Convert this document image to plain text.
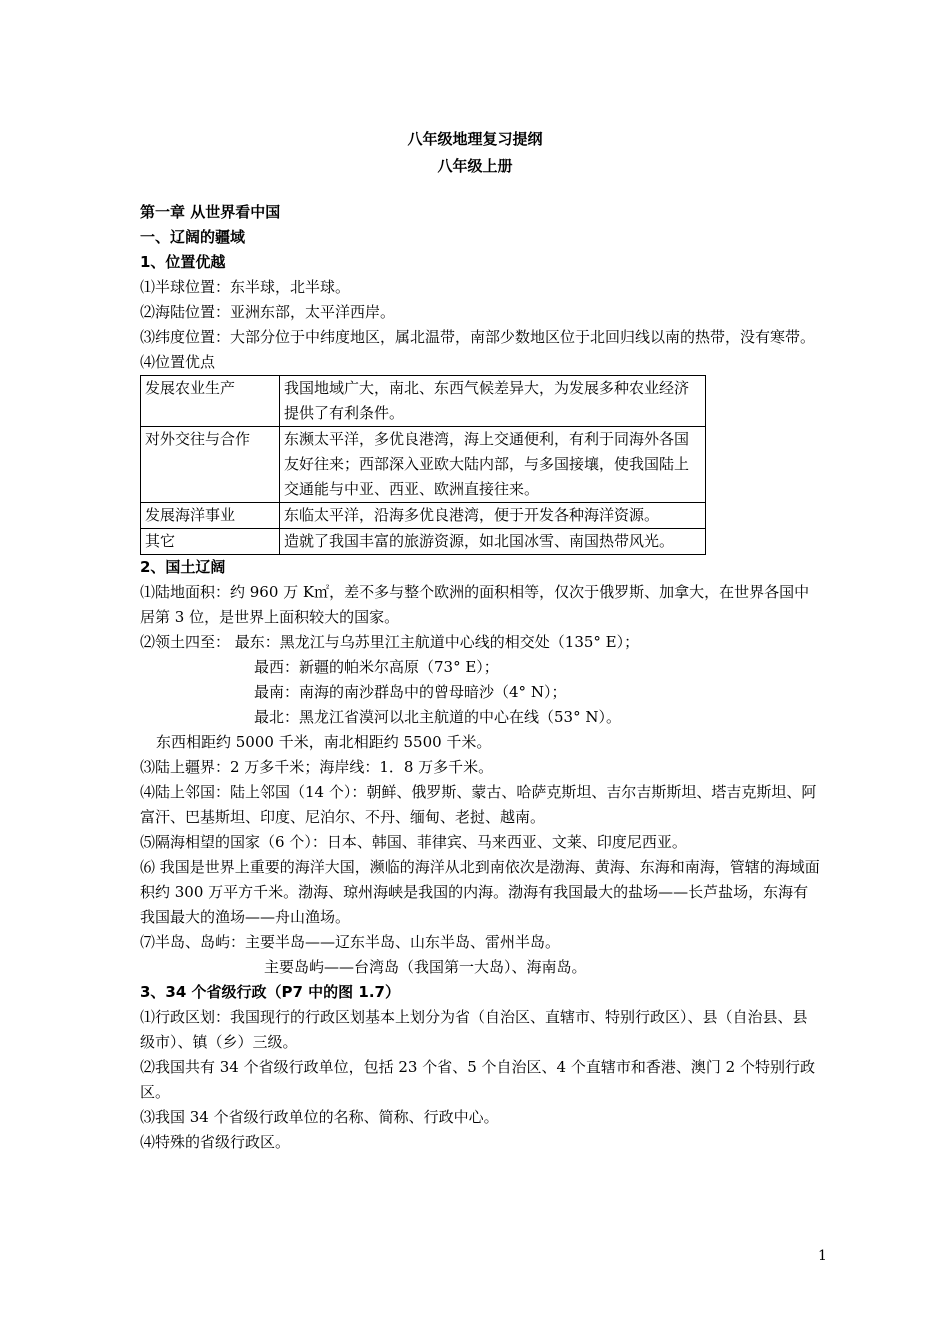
八年级地理复习提纲
八年级上册
第一章 从世界看中国
一、辽阔的疆域
1、位置优越
⑴半球位置：东半球，北半球。
⑵海陆位置：亚洲东部，太平洋西岸。
⑶纬度位置：大部分位于中纬度地区，属北温带，南部少数地区位于北回归线以南的热带，没有寒带。
⑷位置优点
发展农业生产	我国地域广大，南北、东西气候差异大，为发展多种农业经济提供了有利条件。
对外交往与合作	东濒太平洋，多优良港湾，海上交通便利，有利于同海外各国友好往来；西部深入亚欧大陆内部，与多国接壤，使我国陆上交通能与中亚、西亚、欧洲直接往来。
发展海洋事业	东临太平洋，沿海多优良港湾，便于开发各种海洋资源。
其它	造就了我国丰富的旅游资源，如北国冰雪、南国热带风光。
2、国土辽阔
⑴陆地面积：约 960 万 K㎡，差不多与整个欧洲的面积相等，仅次于俄罗斯、加拿大，在世界各国中居第 3 位，是世界上面积较大的国家。
⑵领土四至： 最东：黑龙江与乌苏里江主航道中心线的相交处（135° E）；
最西：新疆的帕米尔高原（73° E）；
最南：南海的南沙群岛中的曾母暗沙（4° N）；
最北：黑龙江省漠河以北主航道的中心在线（53° N）。
东西相距约 5000 千米，南北相距约 5500 千米。
⑶陆上疆界：2 万多千米；海岸线：1．8 万多千米。
⑷陆上邻国：陆上邻国（14 个）：朝鲜、俄罗斯、蒙古、哈萨克斯坦、吉尔吉斯斯坦、塔吉克斯坦、阿富汗、巴基斯坦、印度、尼泊尔、不丹、缅甸、老挝、越南。
⑸隔海相望的国家（6 个）：日本、韩国、菲律宾、马来西亚、文莱、印度尼西亚。
⑹ 我国是世界上重要的海洋大国，濒临的海洋从北到南依次是渤海、黄海、东海和南海，管辖的海域面积约 300 万平方千米。渤海、琼州海峡是我国的内海。渤海有我国最大的盐场——长芦盐场，东海有我国最大的渔场——舟山渔场。
⑺半岛、岛屿：主要半岛——辽东半岛、山东半岛、雷州半岛。
主要岛屿——台湾岛（我国第一大岛）、海南岛。
3、34 个省级行政（P7 中的图 1.7）
⑴行政区划：我国现行的行政区划基本上划分为省（自治区、直辖市、特别行政区）、县（自治县、县级市）、镇（乡）三级。
⑵我国共有 34 个省级行政单位，包括 23 个省、5 个自治区、4 个直辖市和香港、澳门 2 个特别行政区。
⑶我国 34 个省级行政单位的名称、简称、行政中心。
⑷特殊的省级行政区。
1
